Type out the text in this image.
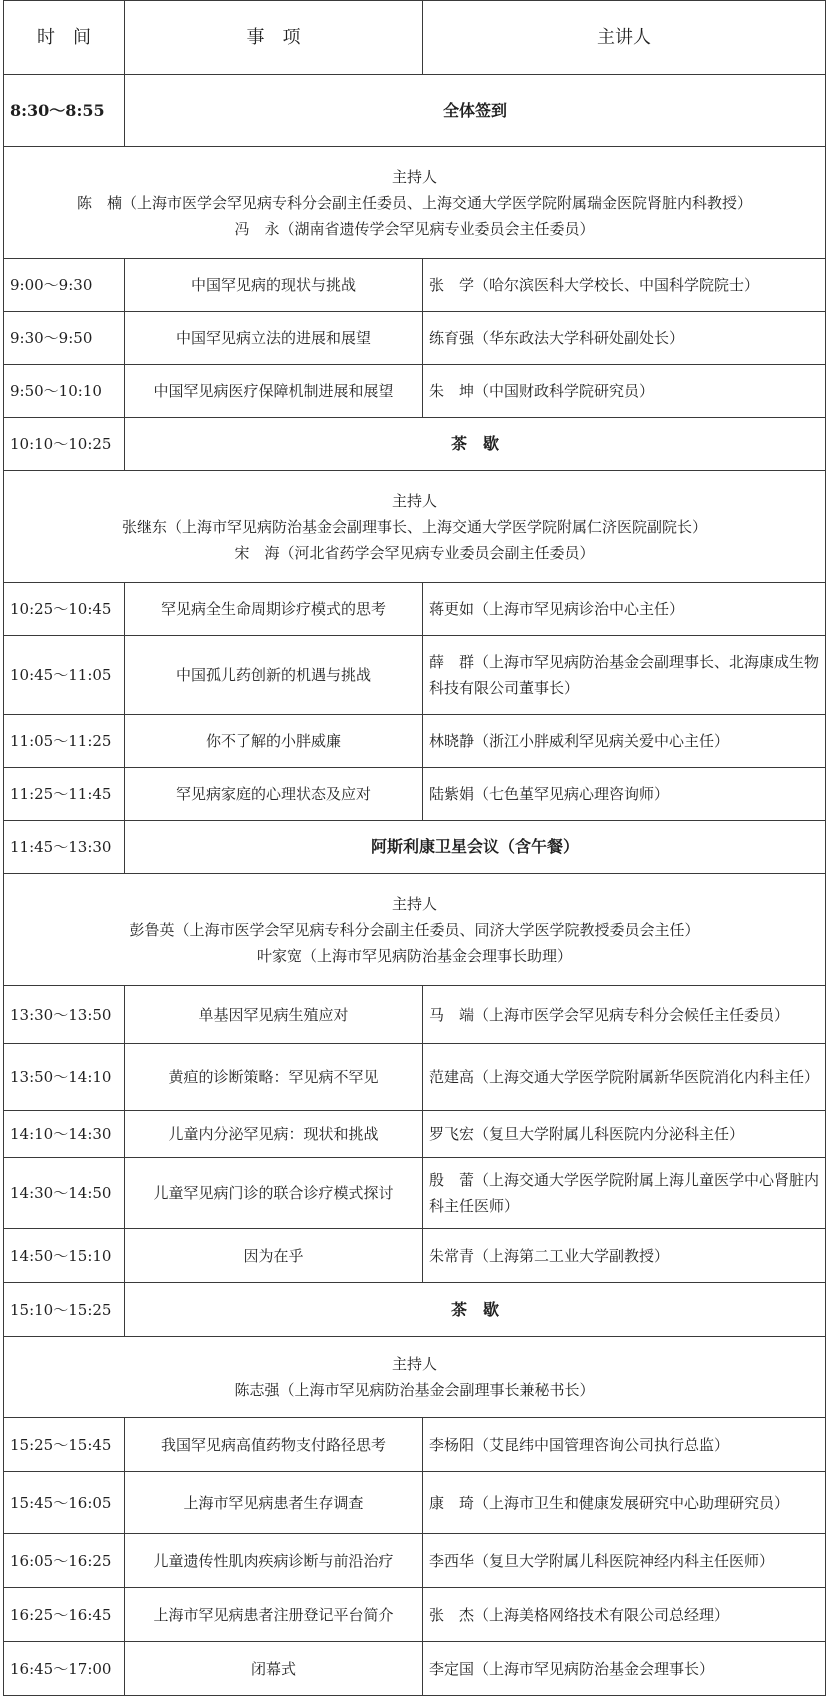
时　间	事　项	主讲人
8:30～8:55	全体签到	

主持人
陈　楠（上海市医学会罕见病专科分会副主任委员、上海交通大学医学院附属瑞金医院肾脏内科教授）
冯　永（湖南省遗传学会罕见病专业委员会主任委员）		

9:00～9:30	中国罕见病的现状与挑战	张　学（哈尔滨医科大学校长、中国科学院院士）
9:30～9:50	中国罕见病立法的进展和展望	练育强（华东政法大学科研处副处长）
9:50～10:10	中国罕见病医疗保障机制进展和展望	朱　坤（中国财政科学院研究员）
10:10～10:25	茶　歇	

主持人
张继东（上海市罕见病防治基金会副理事长、上海交通大学医学院附属仁济医院副院长）
宋　海（河北省药学会罕见病专业委员会副主任委员）		

10:25～10:45	罕见病全生命周期诊疗模式的思考	蒋更如（上海市罕见病诊治中心主任）
10:45～11:05	中国孤儿药创新的机遇与挑战	薛　群（上海市罕见病防治基金会副理事长、北海康成生物科技有限公司董事长）
11:05～11:25	你不了解的小胖威廉	林晓静（浙江小胖威利罕见病关爱中心主任）
11:25～11:45	罕见病家庭的心理状态及应对	陆紫娟（七色堇罕见病心理咨询师）
11:45～13:30	阿斯利康卫星会议（含午餐）	

主持人
彭鲁英（上海市医学会罕见病专科分会副主任委员、同济大学医学院教授委员会主任）
叶家宽（上海市罕见病防治基金会理事长助理）		

13:30～13:50	单基因罕见病生殖应对	马　端（上海市医学会罕见病专科分会候任主任委员）
13:50～14:10	黄疸的诊断策略：罕见病不罕见	范建高（上海交通大学医学院附属新华医院消化内科主任）
14:10～14:30	儿童内分泌罕见病：现状和挑战	罗飞宏（复旦大学附属儿科医院内分泌科主任）
14:30～14:50	儿童罕见病门诊的联合诊疗模式探讨	殷　蕾（上海交通大学医学院附属上海儿童医学中心肾脏内科主任医师）
14:50～15:10	因为在乎	朱常青（上海第二工业大学副教授）
15:10～15:25	茶　歇	

主持人
陈志强（上海市罕见病防治基金会副理事长兼秘书长）		

15:25～15:45	我国罕见病高值药物支付路径思考	李杨阳（艾昆纬中国管理咨询公司执行总监）
15:45～16:05	上海市罕见病患者生存调查	康　琦（上海市卫生和健康发展研究中心助理研究员）
16:05～16:25	儿童遗传性肌肉疾病诊断与前沿治疗	李西华（复旦大学附属儿科医院神经内科主任医师）
16:25～16:45	上海市罕见病患者注册登记平台简介	张　杰（上海美格网络技术有限公司总经理）
16:45～17:00	闭幕式	李定国（上海市罕见病防治基金会理事长）
